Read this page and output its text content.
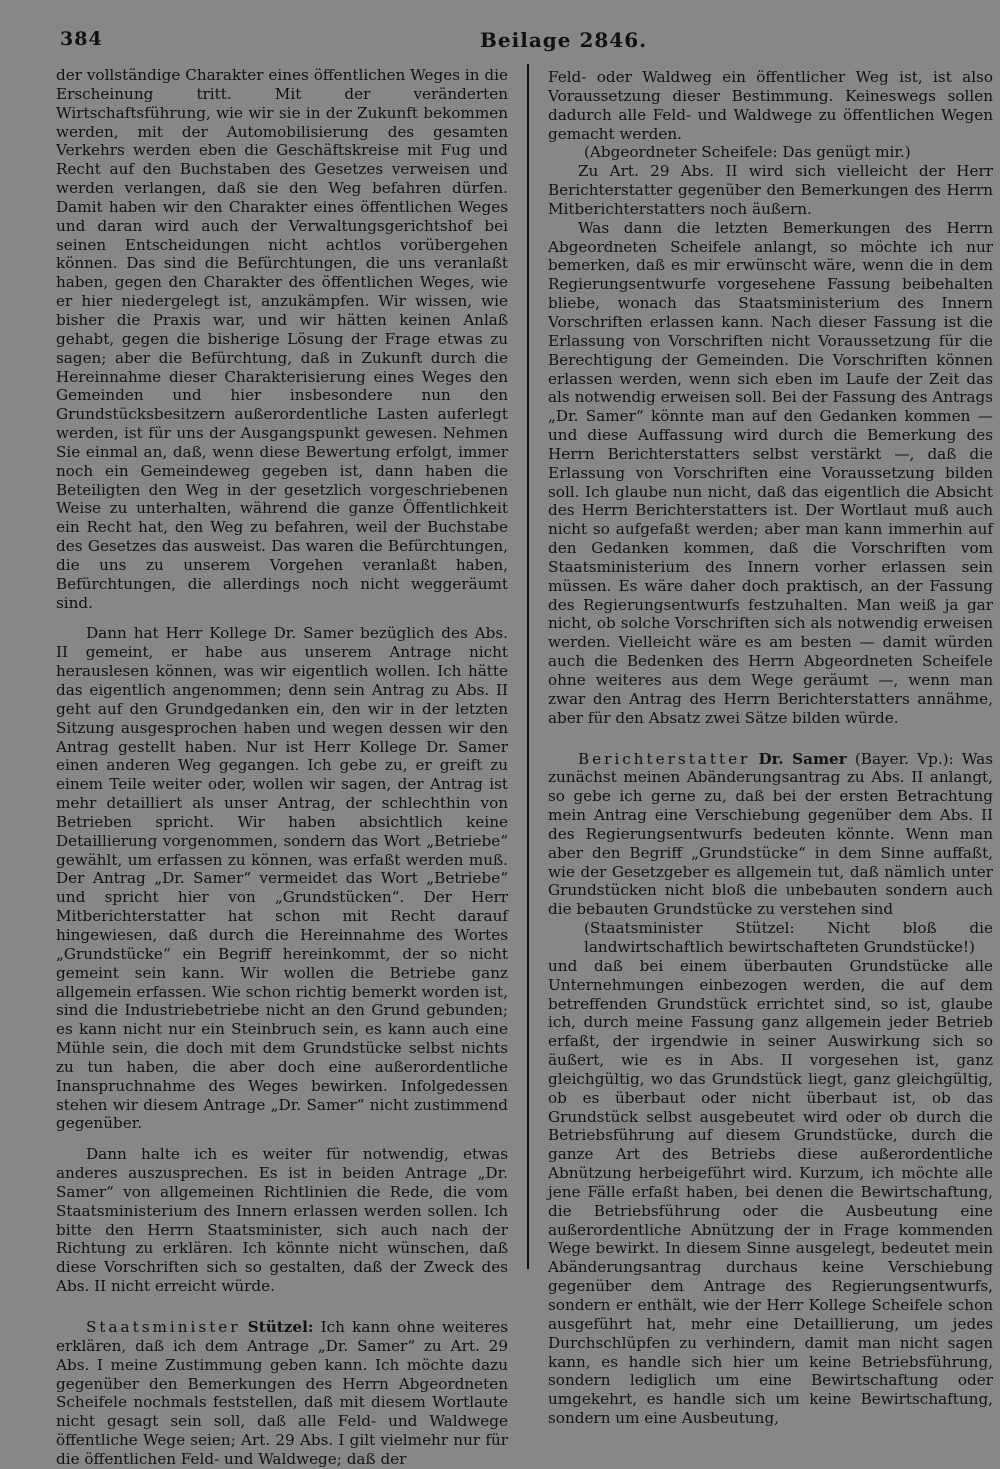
384	Beilage 2846.

der vollständige Charakter eines öffentlichen Weges in die Erscheinung tritt. Mit der veränderten Wirtschaftsführung, wie wir sie in der Zukunft bekommen werden, mit der Automobilisierung des gesamten Verkehrs werden eben die Geschäftskreise mit Fug und Recht auf den Buchstaben des Gesetzes verweisen und werden verlangen, daß sie den Weg befahren dürfen. Damit haben wir den Charakter eines öffentlichen Weges und daran wird auch der Verwaltungsgerichtshof bei seinen Entscheidungen nicht achtlos vorübergehen können. Das sind die Befürchtungen, die uns veranlaßt haben, gegen den Charakter des öffentlichen Weges, wie er hier niedergelegt ist, anzukämpfen. Wir wissen, wie bisher die Praxis war, und wir hätten keinen Anlaß gehabt, gegen die bisherige Lösung der Frage etwas zu sagen; aber die Befürchtung, daß in Zukunft durch die Hereinnahme dieser Charakterisierung eines Weges den Gemeinden und hier insbesondere nun den Grundstücksbesitzern außerordentliche Lasten auferlegt werden, ist für uns der Ausgangspunkt gewesen. Nehmen Sie einmal an, daß, wenn diese Bewertung erfolgt, immer noch ein Gemeindeweg gegeben ist, dann haben die Beteiligten den Weg in der gesetzlich vorgeschriebenen Weise zu unterhalten, während die ganze Öffentlichkeit ein Recht hat, den Weg zu befahren, weil der Buchstabe des Gesetzes das ausweist. Das waren die Befürchtungen, die uns zu unserem Vorgehen veranlaßt haben, Befürchtungen, die allerdings noch nicht weggeräumt sind.

Dann hat Herr Kollege Dr. Samer bezüglich des Abs. II gemeint, er habe aus unserem Antrage nicht herauslesen können, was wir eigentlich wollen. Ich hätte das eigentlich angenommen; denn sein Antrag zu Abs. II geht auf den Grundgedanken ein, den wir in der letzten Sitzung ausgesprochen haben und wegen dessen wir den Antrag gestellt haben. Nur ist Herr Kollege Dr. Samer einen anderen Weg gegangen. Ich gebe zu, er greift zu einem Teile weiter oder, wollen wir sagen, der Antrag ist mehr detailliert als unser Antrag, der schlechthin von Betrieben spricht. Wir haben absichtlich keine Detaillierung vorgenommen, sondern das Wort „Betriebe“ gewählt, um erfassen zu können, was erfaßt werden muß. Der Antrag „Dr. Samer“ vermeidet das Wort „Betriebe“ und spricht hier von „Grundstücken“. Der Herr Mitberichterstatter hat schon mit Recht darauf hingewiesen, daß durch die Hereinnahme des Wortes „Grundstücke“ ein Begriff hereinkommt, der so nicht gemeint sein kann. Wir wollen die Betriebe ganz allgemein erfassen. Wie schon richtig bemerkt worden ist, sind die Industriebetriebe nicht an den Grund gebunden; es kann nicht nur ein Steinbruch sein, es kann auch eine Mühle sein, die doch mit dem Grundstücke selbst nichts zu tun haben, die aber doch eine außerordentliche Inanspruchnahme des Weges bewirken. Infolgedessen stehen wir diesem Antrage „Dr. Samer“ nicht zustimmend gegenüber.

Dann halte ich es weiter für notwendig, etwas anderes auszusprechen. Es ist in beiden Antrage „Dr. Samer“ von allgemeinen Richtlinien die Rede, die vom Staatsministerium des Innern erlassen werden sollen. Ich bitte den Herrn Staatsminister, sich auch nach der Richtung zu erklären. Ich könnte nicht wünschen, daß diese Vorschriften sich so gestalten, daß der Zweck des Abs. II nicht erreicht würde.

Staatsminister Stützel: Ich kann ohne weiteres erklären, daß ich dem Antrage „Dr. Samer“ zu Art. 29 Abs. I meine Zustimmung geben kann. Ich möchte dazu gegenüber den Bemerkungen des Herrn Abgeordneten Scheifele nochmals feststellen, daß mit diesem Wortlaute nicht gesagt sein soll, daß alle Feld- und Waldwege öffentliche Wege seien; Art. 29 Abs. I gilt vielmehr nur für die öffentlichen Feld- und Waldwege; daß der

Feld- oder Waldweg ein öffentlicher Weg ist, ist also Voraussetzung dieser Bestimmung. Keineswegs sollen dadurch alle Feld- und Waldwege zu öffentlichen Wegen gemacht werden.

(Abgeordneter Scheifele: Das genügt mir.)

Zu Art. 29 Abs. II wird sich vielleicht der Herr Berichterstatter gegenüber den Bemerkungen des Herrn Mitberichterstatters noch äußern.

Was dann die letzten Bemerkungen des Herrn Abgeordneten Scheifele anlangt, so möchte ich nur bemerken, daß es mir erwünscht wäre, wenn die in dem Regierungsentwurfe vorgesehene Fassung beibehalten bliebe, wonach das Staatsministerium des Innern Vorschriften erlassen kann. Nach dieser Fassung ist die Erlassung von Vorschriften nicht Voraussetzung für die Berechtigung der Gemeinden. Die Vorschriften können erlassen werden, wenn sich eben im Laufe der Zeit das als notwendig erweisen soll. Bei der Fassung des Antrags „Dr. Samer“ könnte man auf den Gedanken kommen — und diese Auffassung wird durch die Bemerkung des Herrn Berichterstatters selbst verstärkt —, daß die Erlassung von Vorschriften eine Voraussetzung bilden soll. Ich glaube nun nicht, daß das eigentlich die Absicht des Herrn Berichterstatters ist. Der Wortlaut muß auch nicht so aufgefaßt werden; aber man kann immerhin auf den Gedanken kommen, daß die Vorschriften vom Staatsministerium des Innern vorher erlassen sein müssen. Es wäre daher doch praktisch, an der Fassung des Regierungsentwurfs festzuhalten. Man weiß ja gar nicht, ob solche Vorschriften sich als notwendig erweisen werden. Vielleicht wäre es am besten — damit würden auch die Bedenken des Herrn Abgeordneten Scheifele ohne weiteres aus dem Wege geräumt —, wenn man zwar den Antrag des Herrn Berichterstatters annähme, aber für den Absatz zwei Sätze bilden würde.

Berichterstatter Dr. Samer (Bayer. Vp.): Was zunächst meinen Abänderungsantrag zu Abs. II anlangt, so gebe ich gerne zu, daß bei der ersten Betrachtung mein Antrag eine Verschiebung gegenüber dem Abs. II des Regierungsentwurfs bedeuten könnte. Wenn man aber den Begriff „Grundstücke“ in dem Sinne auffaßt, wie der Gesetzgeber es allgemein tut, daß nämlich unter Grundstücken nicht bloß die unbebauten sondern auch die bebauten Grundstücke zu verstehen sind

(Staatsminister Stützel: Nicht bloß die landwirtschaftlich bewirtschafteten Grundstücke!)

und daß bei einem überbauten Grundstücke alle Unternehmungen einbezogen werden, die auf dem betreffenden Grundstück errichtet sind, so ist, glaube ich, durch meine Fassung ganz allgemein jeder Betrieb erfaßt, der irgendwie in seiner Auswirkung sich so äußert, wie es in Abs. II vorgesehen ist, ganz gleichgültig, wo das Grundstück liegt, ganz gleichgültig, ob es überbaut oder nicht überbaut ist, ob das Grundstück selbst ausgebeutet wird oder ob durch die Betriebsführung auf diesem Grundstücke, durch die ganze Art des Betriebs diese außerordentliche Abnützung herbeigeführt wird. Kurzum, ich möchte alle jene Fälle erfaßt haben, bei denen die Bewirtschaftung, die Betriebsführung oder die Ausbeutung eine außerordentliche Abnützung der in Frage kommenden Wege bewirkt. In diesem Sinne ausgelegt, bedeutet mein Abänderungsantrag durchaus keine Verschiebung gegenüber dem Antrage des Regierungsentwurfs, sondern er enthält, wie der Herr Kollege Scheifele schon ausgeführt hat, mehr eine Detaillierung, um jedes Durchschlüpfen zu verhindern, damit man nicht sagen kann, es handle sich hier um keine Betriebsführung, sondern lediglich um eine Bewirtschaftung oder umgekehrt, es handle sich um keine Bewirtschaftung, sondern um eine Ausbeutung,
